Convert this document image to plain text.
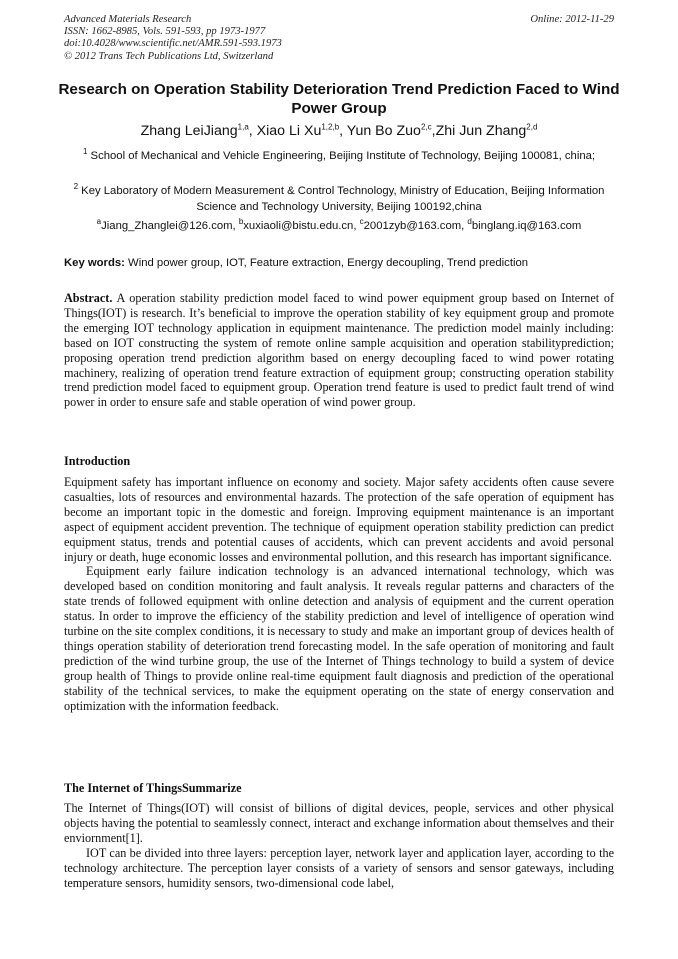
Advanced Materials Research
ISSN: 1662-8985, Vols. 591-593, pp 1973-1977
doi:10.4028/www.scientific.net/AMR.591-593.1973
© 2012 Trans Tech Publications Ltd, Switzerland
Online: 2012-11-29
Research on Operation Stability Deterioration Trend Prediction Faced to Wind Power Group
Zhang LeiJiang$^{1,a}$, Xiao Li Xu$^{1,2,b}$, Yun Bo Zuo$^{2,c}$,Zhi Jun Zhang$^{2,d}$
$^1$ School of Mechanical and Vehicle Engineering, Beijing Institute of Technology, Beijing 100081, china;
$^2$ Key Laboratory of Modern Measurement & Control Technology, Ministry of Education, Beijing Information Science and Technology University, Beijing 100192,china
$^a$Jiang_Zhanglei@126.com, $^b$xuxiaoli@bistu.edu.cn, $^c$2001zyb@163.com, $^d$binglang.iq@163.com
Key words: Wind power group, IOT, Feature extraction, Energy decoupling, Trend prediction

Abstract. A operation stability prediction model faced to wind power equipment group based on Internet of Things(IOT) is research. It’s beneficial to improve the operation stability of key equipment group and promote the emerging IOT technology application in equipment maintenance. The prediction model mainly including: based on IOT constructing the system of remote online sample acquisition and operation stabilityprediction; proposing operation trend prediction algorithm based on energy decoupling faced to wind power rotating machinery, realizing of operation trend feature extraction of equipment group; constructing operation stability trend prediction model faced to equipment group. Operation trend feature is used to predict fault trend of wind power in order to ensure safe and stable operation of wind power group.

Introduction

Equipment safety has important influence on economy and society. Major safety accidents often cause severe casualties, lots of resources and environmental hazards. The protection of the safe operation of equipment has become an important topic in the domestic and foreign. Improving equipment maintenance is an important aspect of equipment accident prevention. The technique of equipment operation stability prediction can predict equipment status, trends and potential causes of accidents, which can prevent accidents and avoid personal injury or death, huge economic losses and environmental pollution, and this research has important significance.

Equipment early failure indication technology is an advanced international technology, which was developed based on condition monitoring and fault analysis. It reveals regular patterns and characters of the state trends of followed equipment with online detection and analysis of equipment and the current operation status. In order to improve the efficiency of the stability prediction and level of intelligence of operation wind turbine on the site complex conditions, it is necessary to study and make an important group of devices health of things operation stability of deterioration trend forecasting model. In the safe operation of monitoring and fault prediction of the wind turbine group, the use of the Internet of Things technology to build a system of device group health of Things to provide online real-time equipment fault diagnosis and prediction of the operational stability of the technical services, to make the equipment operating on the state of energy conservation and optimization with the information feedback.

The Internet of ThingsSummarize

The Internet of Things(IOT) will consist of billions of digital devices, people, services and other physical objects having the potential to seamlessly connect, interact and exchange information about themselves and their enviornment[1].

IOT can be divided into three layers: perception layer, network layer and application layer, according to the technology architecture. The perception layer consists of a variety of sensors and sensor gateways, including temperature sensors, humidity sensors, two-dimensional code label,
